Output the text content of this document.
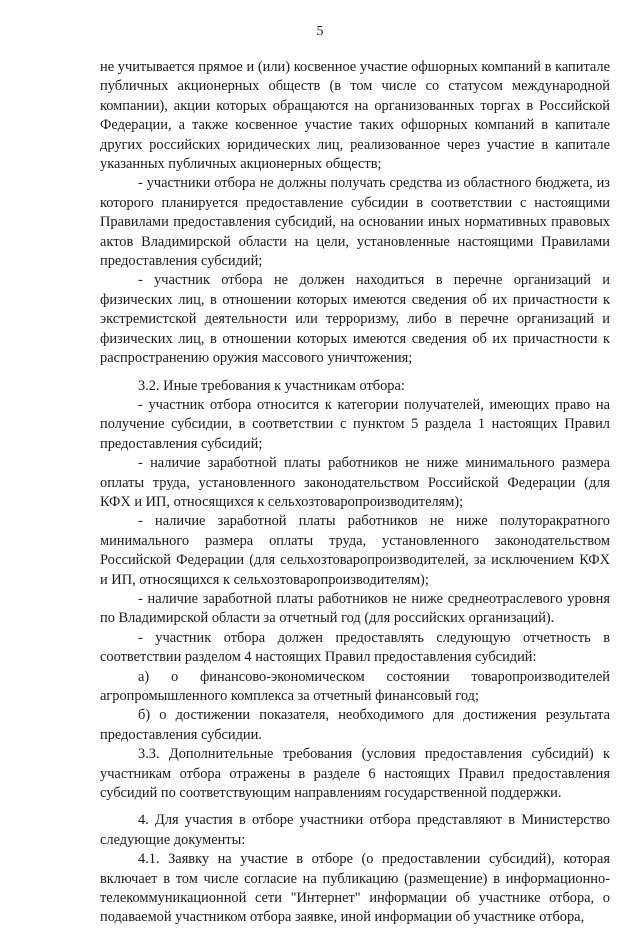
5

не учитывается прямое и (или) косвенное участие офшорных компаний в капитале публичных акционерных обществ (в том числе со статусом международной компании), акции которых обращаются на организованных торгах в Российской Федерации, а также косвенное участие таких офшорных компаний в капитале других российских юридических лиц, реализованное через участие в капитале указанных публичных акционерных обществ;

- участники отбора не должны получать средства из областного бюджета, из которого планируется предоставление субсидии в соответствии с настоящими Правилами предоставления субсидий, на основании иных нормативных правовых актов Владимирской области на цели, установленные настоящими Правилами предоставления субсидий;

- участник отбора не должен находиться в перечне организаций и физических лиц, в отношении которых имеются сведения об их причастности к экстремистской деятельности или терроризму, либо в перечне организаций и физических лиц, в отношении которых имеются сведения об их причастности к распространению оружия массового уничтожения;

3.2. Иные требования к участникам отбора:

- участник отбора относится к категории получателей, имеющих право на получение субсидии, в соответствии с пунктом 5 раздела 1 настоящих Правил предоставления субсидий;

- наличие заработной платы работников не ниже минимального размера оплаты труда, установленного законодательством Российской Федерации (для КФХ и ИП, относящихся к сельхозтоваропроизводителям);

- наличие заработной платы работников не ниже полуторакратного минимального размера оплаты труда, установленного законодательством Российской Федерации (для сельхозтоваропроизводителей, за исключением КФХ и ИП, относящихся к сельхозтоваропроизводителям);

- наличие заработной платы работников не ниже среднеотраслевого уровня по Владимирской области за отчетный год (для российских организаций).

- участник отбора должен предоставлять следующую отчетность в соответствии разделом 4 настоящих Правил предоставления субсидий:

а) о финансово-экономическом состоянии товаропроизводителей агропромышленного комплекса за отчетный финансовый год;

б) о достижении показателя, необходимого для достижения результата предоставления субсидии.

3.3. Дополнительные требования (условия предоставления субсидий) к участникам отбора отражены в разделе 6 настоящих Правил предоставления субсидий по соответствующим направлениям государственной поддержки.

4. Для участия в отборе участники отбора представляют в Министерство следующие документы:

4.1. Заявку на участие в отборе (о предоставлении субсидий), которая включает в том числе согласие на публикацию (размещение) в информационно-телекоммуникационной сети "Интернет" информации об участнике отбора, о подаваемой участником отбора заявке, иной информации об участнике отбора,
